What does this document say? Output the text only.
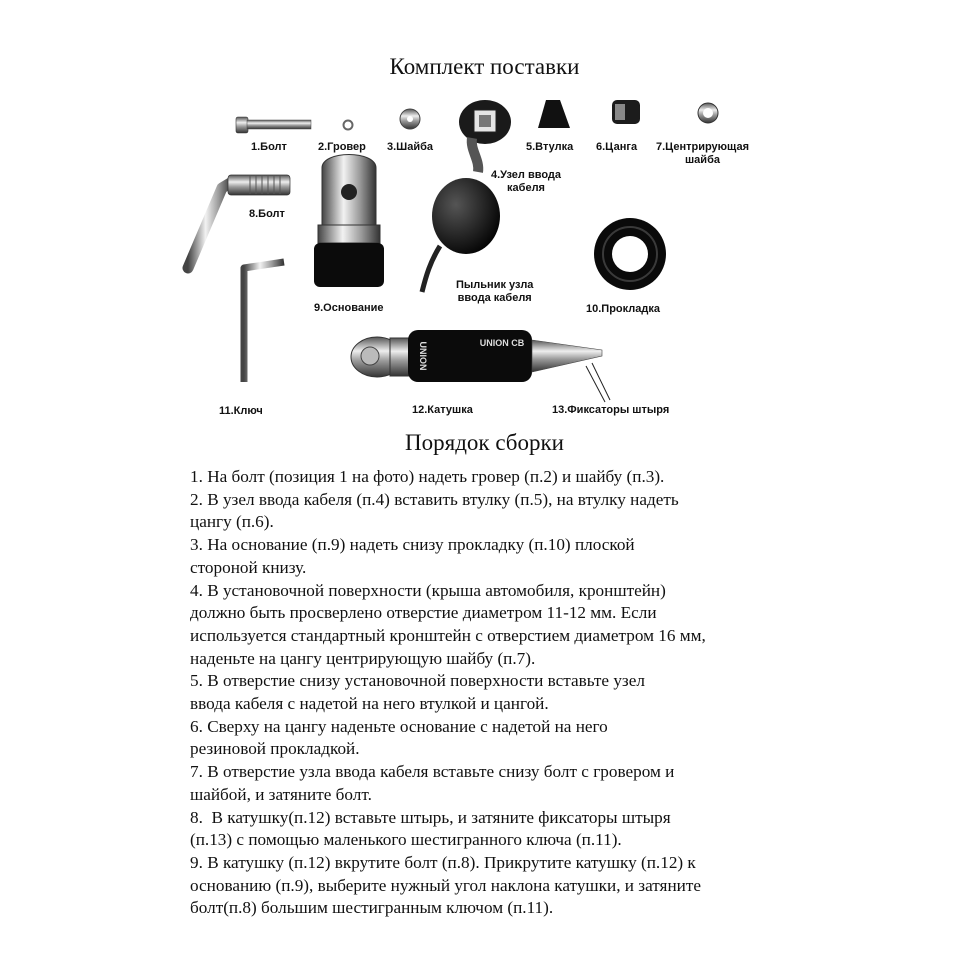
Комплект поставки
UNION CB
UNION
1.Болт	2.Гровер 3.Шайба
4.Узел ввода
кабеля
5.Втулка 6.Цанга 7.Центрирующая
шайба
8.Болт
9.Основание
Пыльник узла
ввода кабеля
10.Прокладка
11.Ключ	12.Катушка	13.Фиксаторы штыря
Порядок сборки

1. На болт (позиция 1 на фото) надеть гровер (п.2) и шайбу (п.3).

2. В узел ввода кабеля (п.4) вставить втулку (п.5), на втулку надеть
цангу (п.6).

3. На основание (п.9) надеть снизу прокладку (п.10) плоской
стороной книзу.

4. В установочной поверхности (крыша автомобиля, кронштейн)
должно быть просверлено отверстие диаметром 11-12 мм. Если
используется стандартный кронштейн с отверстием диаметром 16 мм,
наденьте на цангу центрирующую шайбу (п.7).

5. В отверстие снизу установочной поверхности вставьте узел
ввода кабеля с надетой на него втулкой и цангой.

6. Сверху на цангу наденьте основание с надетой на него
резиновой прокладкой.

7. В отверстие узла ввода кабеля вставьте снизу болт с гровером и
шайбой, и затяните болт.

8.  В катушку(п.12) вставьте штырь, и затяните фиксаторы штыря
(п.13) с помощью маленького шестигранного ключа (п.11).

9. В катушку (п.12) вкрутите болт (п.8). Прикрутите катушку (п.12) к
основанию (п.9), выберите нужный угол наклона катушки, и затяните
болт(п.8) большим шестигранным ключом (п.11).
